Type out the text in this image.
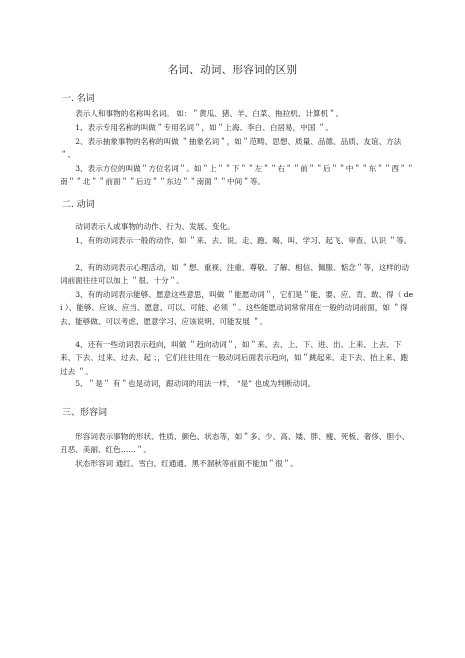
名词、动词、形容词的区别
一. 名词

表示人和事物的名称叫名词。 如：＂黄瓜、猪、羊、白菜、拖拉机、计算机＂。

1、表示专用名称的叫做＂专用名词＂，如＂上海、李白、白居易，中国 ＂。

2、表示抽象事物的名称的叫做 ＂抽象名词＂，如＂范畴、思想、质量、品德、品质、友谊、方法 ＂。

3、表示方位的叫做＂方位名词＂。如＂上＂＂下＂＂左＂＂右＂＂前＂＂后＂＂中＂＂东＂＂西＂＂南＂＂北＂＂前面＂＂后边＂＂东边＂＂南面＂＂中间＂等。

二. 动词

动词表示人或事物的动作、行为、发展、变化。

1、有的动词表示一般的动作，如 ＂来、去、说、走、跑、喝、叫、学习、起飞、审查、认识 ＂等。

2、有的动词表示心理活动，如 ＂想、重视、注重、尊敬、了解、相信、佩服、惦念＂等，这样的动词前面往往可以加上 ＂很、十分＂。

3、有的动词表示能够、愿意这些意思，叫做 ＂能愿动词＂，它们是＂能、要、应、肯、敢、得（ dei ）、能够、应该、应当、愿意、可以、可能、必须 ＂。这些能愿动词常常用在一般的动词前面，如 ＂得去、能够做、可以考虑、愿意学习、应该说明、可能发展 ＂。

4、还有一些动词表示趋向，叫做 ＂趋向动词＂，如＂来、去、上、下、进、出、上来、上去、下来、下去、过来、过去、起 ；，它们往往用在一般动词后面表示趋向，如＂跳起来、走下去、抬上来、跑过去 ＂。

5、＂是＂ 有＂也是动词，跟动词的用法一样， “是” 也成为判断动词。

三、形容词

形容词表示事物的形状、性质、颜色、状态等，如＂多、少、高、矮、胖、瘦、死板、奢侈、胆小、丑恶、美丽、红色……＂。

状态形容词 通红、雪白、红通通、黑不溜秋等前面不能加＂很＂。
